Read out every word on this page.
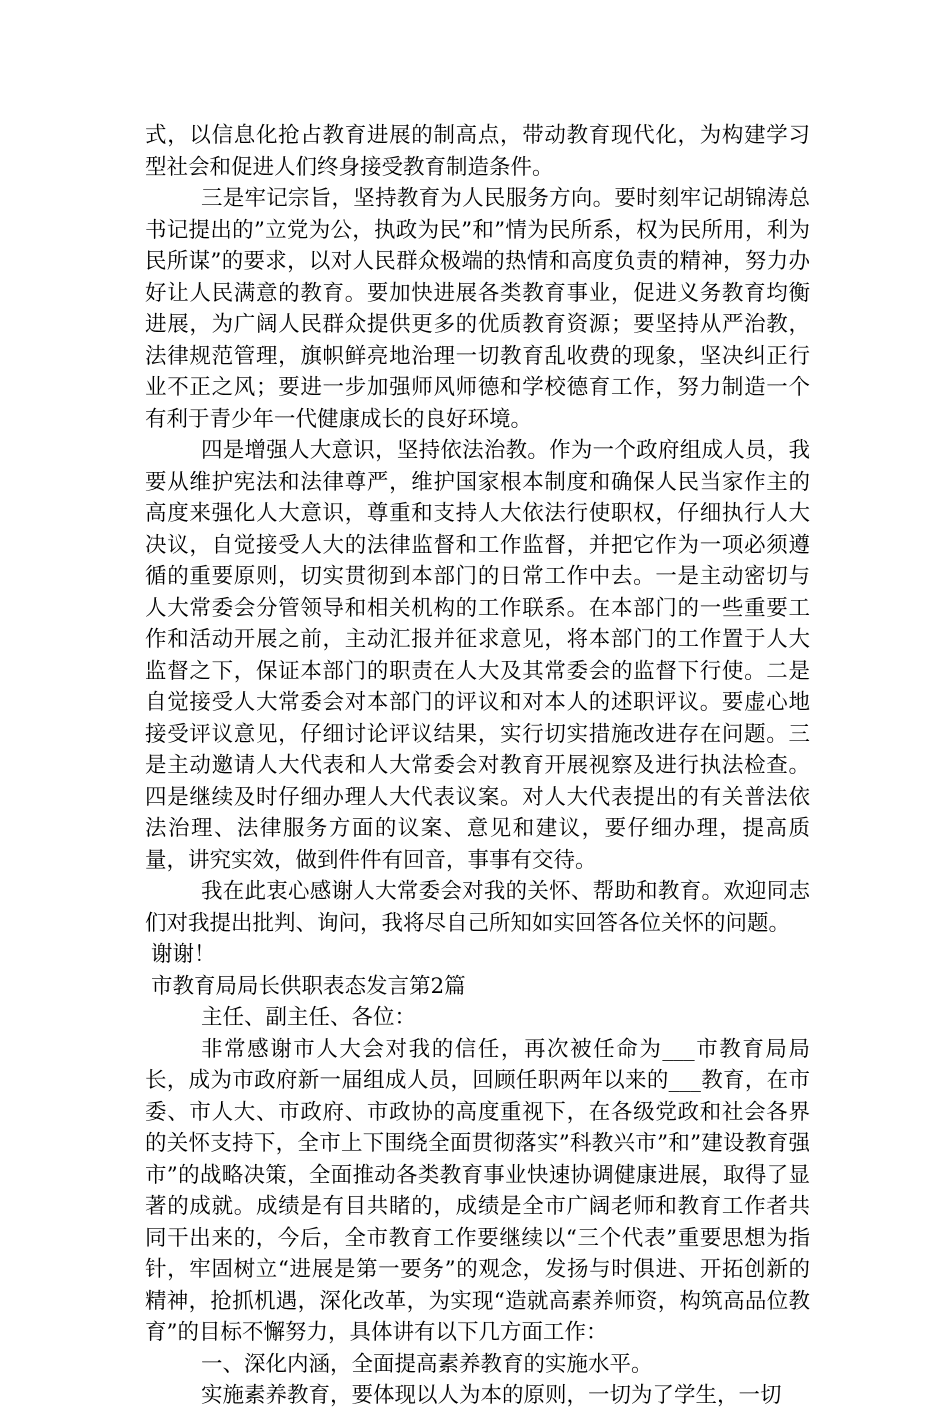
式，以信息化抢占教育进展的制高点，带动教育现代化，为构建学习型社会和促进人们终身接受教育制造条件。

三是牢记宗旨，坚持教育为人民服务方向。要时刻牢记胡锦涛总书记提出的”立党为公，执政为民”和”情为民所系，权为民所用，利为民所谋”的要求，以对人民群众极端的热情和高度负责的精神，努力办好让人民满意的教育。要加快进展各类教育事业，促进义务教育均衡进展，为广阔人民群众提供更多的优质教育资源；要坚持从严治教，法律规范管理，旗帜鲜亮地治理一切教育乱收费的现象，坚决纠正行业不正之风；要进一步加强师风师德和学校德育工作，努力制造一个有利于青少年一代健康成长的良好环境。

四是增强人大意识，坚持依法治教。作为一个政府组成人员，我要从维护宪法和法律尊严，维护国家根本制度和确保人民当家作主的高度来强化人大意识，尊重和支持人大依法行使职权，仔细执行人大决议，自觉接受人大的法律监督和工作监督，并把它作为一项必须遵循的重要原则，切实贯彻到本部门的日常工作中去。一是主动密切与人大常委会分管领导和相关机构的工作联系。在本部门的一些重要工作和活动开展之前，主动汇报并征求意见，将本部门的工作置于人大监督之下，保证本部门的职责在人大及其常委会的监督下行使。二是自觉接受人大常委会对本部门的评议和对本人的述职评议。要虚心地接受评议意见，仔细讨论评议结果，实行切实措施改进存在问题。三是主动邀请人大代表和人大常委会对教育开展视察及进行执法检查。四是继续及时仔细办理人大代表议案。对人大代表提出的有关普法依法治理、法律服务方面的议案、意见和建议，要仔细办理，提高质量，讲究实效，做到件件有回音，事事有交待。

我在此衷心感谢人大常委会对我的关怀、帮助和教育。欢迎同志们对我提出批判、询问，我将尽自己所知如实回答各位关怀的问题。

谢谢！

市教育局局长供职表态发言第2篇

主任、副主任、各位：

非常感谢市人大会对我的信任，再次被任命为___市教育局局长，成为市政府新一届组成人员，回顾任职两年以来的___教育，在市委、市人大、市政府、市政协的高度重视下，在各级党政和社会各界的关怀支持下，全市上下围绕全面贯彻落实”科教兴市”和”建设教育强市”的战略决策，全面推动各类教育事业快速协调健康进展，取得了显著的成就。成绩是有目共睹的，成绩是全市广阔老师和教育工作者共同干出来的，今后，全市教育工作要继续以“三个代表”重要思想为指针，牢固树立“进展是第一要务”的观念，发扬与时俱进、开拓创新的精神，抢抓机遇，深化改革，为实现“造就高素养师资，构筑高品位教育”的目标不懈努力，具体讲有以下几方面工作：

一、深化内涵，全面提高素养教育的实施水平。

实施素养教育，要体现以人为本的原则，一切为了学生，一切
